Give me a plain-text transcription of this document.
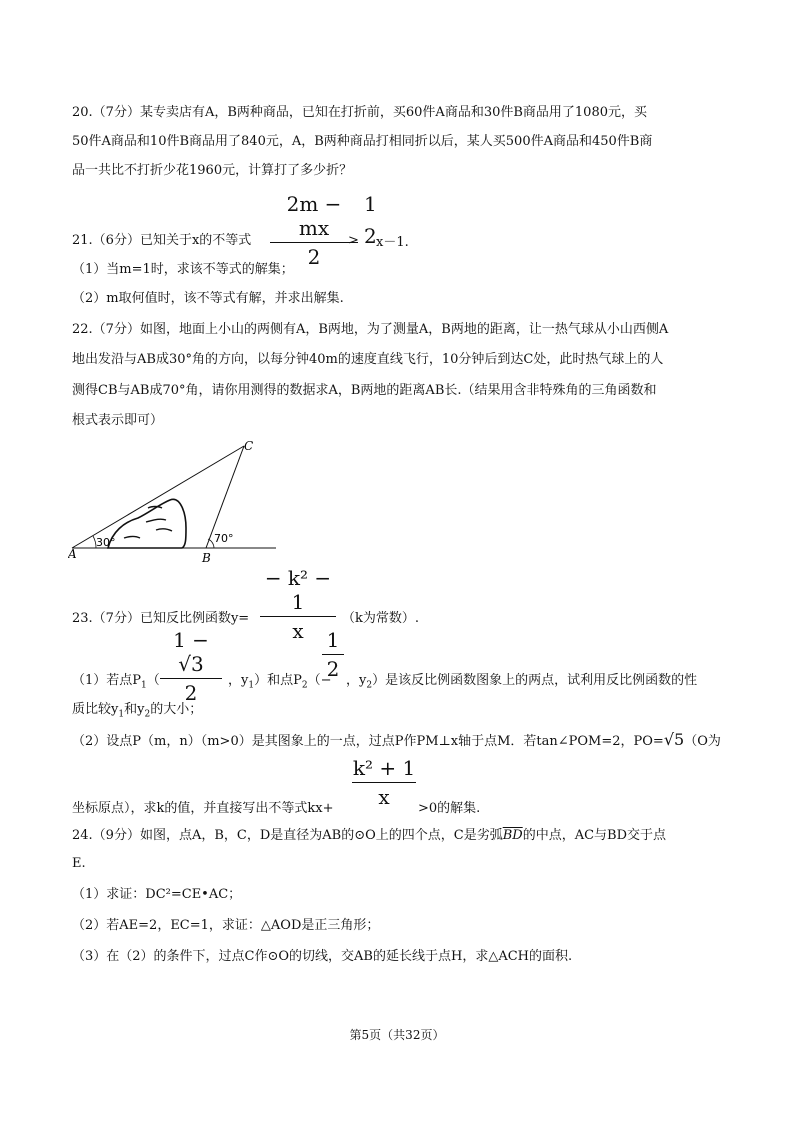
20.（7分）某专卖店有A，B两种商品，已知在打折前，买60件A商品和30件B商品用了1080元，买
50件A商品和10件B商品用了840元，A，B两种商品打相同折以后，某人买500件A商品和450件B商
品一共比不打折少花1960元，计算打了多少折？
2m − mx
2
1
2
21.（6分）已知关于x的不等式	> x－1.
（1）当m=1时，求该不等式的解集；
（2）m取何值时，该不等式有解，并求出解集.
22.（7分）如图，地面上小山的两侧有A，B两地，为了测量A，B两地的距离，让一热气球从小山西侧A
地出发沿与AB成30°角的方向，以每分钟40m的速度直线飞行，10分钟后到达C处，此时热气球上的人
测得CB与AB成70°角，请你用测得的数据求A，B两地的距离AB长.（结果用含非特殊角的三角函数和
根式表示即可）
A	B
C
30°	70°
− k² − 1
x
23.（7分）已知反比例函数y=	（k为常数）.
1 − √3
2
1
2
（1）若点$P_1$（	，$y_1$）和点$P_2(-$ ，$y_2$）是该反比例函数图象上的两点，试利用反比例函数的性
质比较$y_1$和$y_2$的大小；
（2）设点P（m，n）（m>0）是其图象上的一点，过点P作PM⊥x轴于点M．若tan∠POM=2，PO=√5（O为
k² + 1
x
坐标原点），求k的值，并直接写出不等式kx+	>0的解集.
24.（9分）如图，点A，B，C，D是直径为AB的⊙O上的四个点，C是劣弧$\overline{BD}$的中点，AC与BD交于点
E.
（1）求证：DC²=CE•AC；
（2）若AE=2，EC=1，求证：△AOD是正三角形；
（3）在（2）的条件下，过点C作⊙O的切线，交AB的延长线于点H，求△ACH的面积.
第5页（共32页）
